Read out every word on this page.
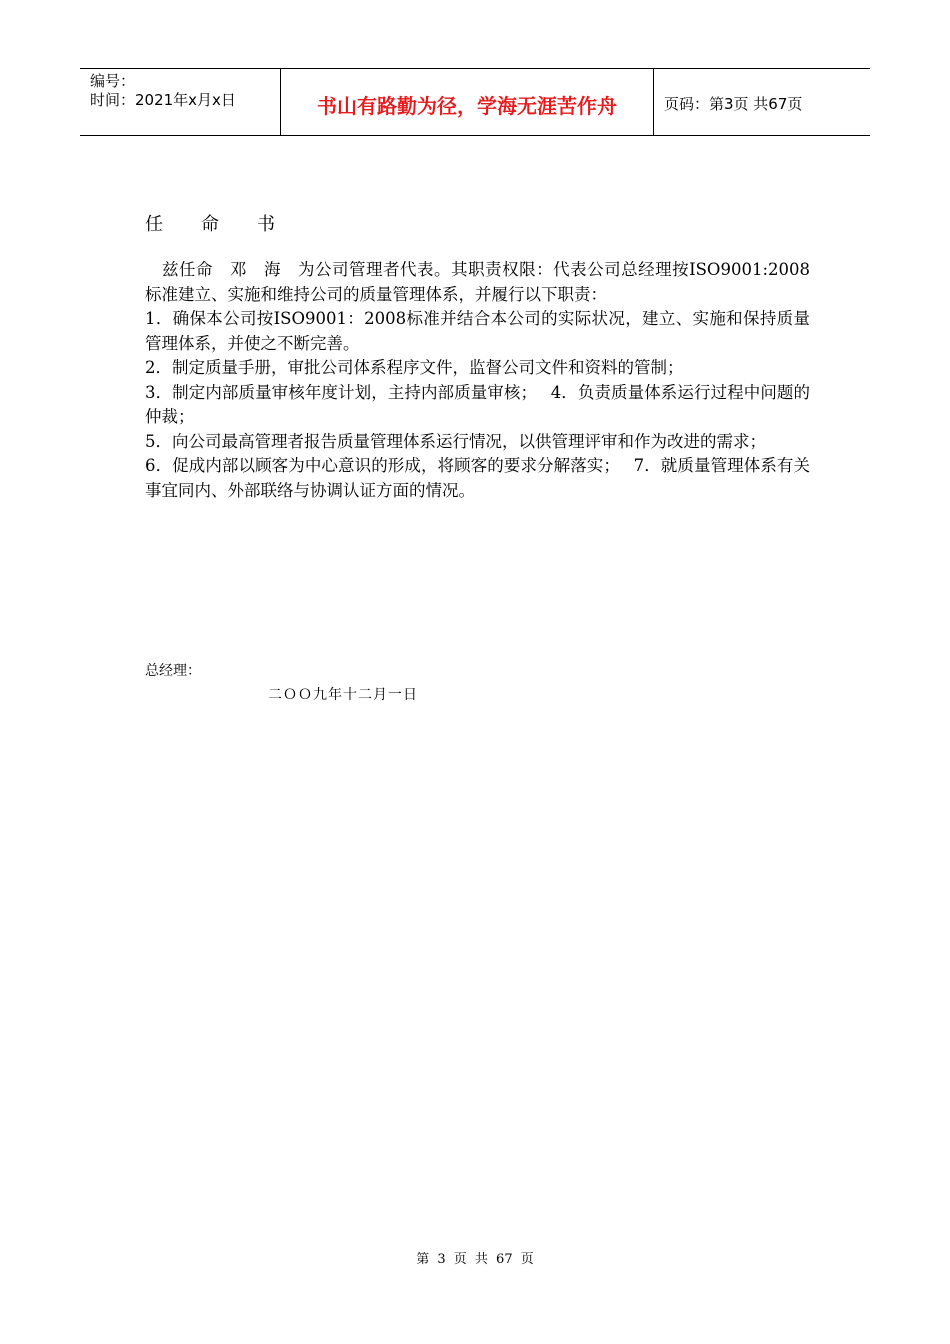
编号：
时间：2021年x月x日	书山有路勤为径，学海无涯苦作舟	页码：第3页 共67页
任 命 书

　兹任命　邓　海　为公司管理者代表。其职责权限：代表公司总经理按ISO9001:2008标准建立、实施和维持公司的质量管理体系，并履行以下职责：

1．确保本公司按ISO9001：2008标准并结合本公司的实际状况，建立、实施和保持质量管理体系，并使之不断完善。

2．制定质量手册，审批公司体系程序文件，监督公司文件和资料的管制；

3．制定内部质量审核年度计划，主持内部质量审核；　 4．负责质量体系运行过程中问题的仲裁；

5．向公司最高管理者报告质量管理体系运行情况，以供管理评审和作为改进的需求；

6．促成内部以顾客为中心意识的形成，将顾客的要求分解落实；　 7．就质量管理体系有关事宜同内、外部联络与协调认证方面的情况。

总经理：
二ＯＯ九年十二月一日
第 3 页 共 67 页
